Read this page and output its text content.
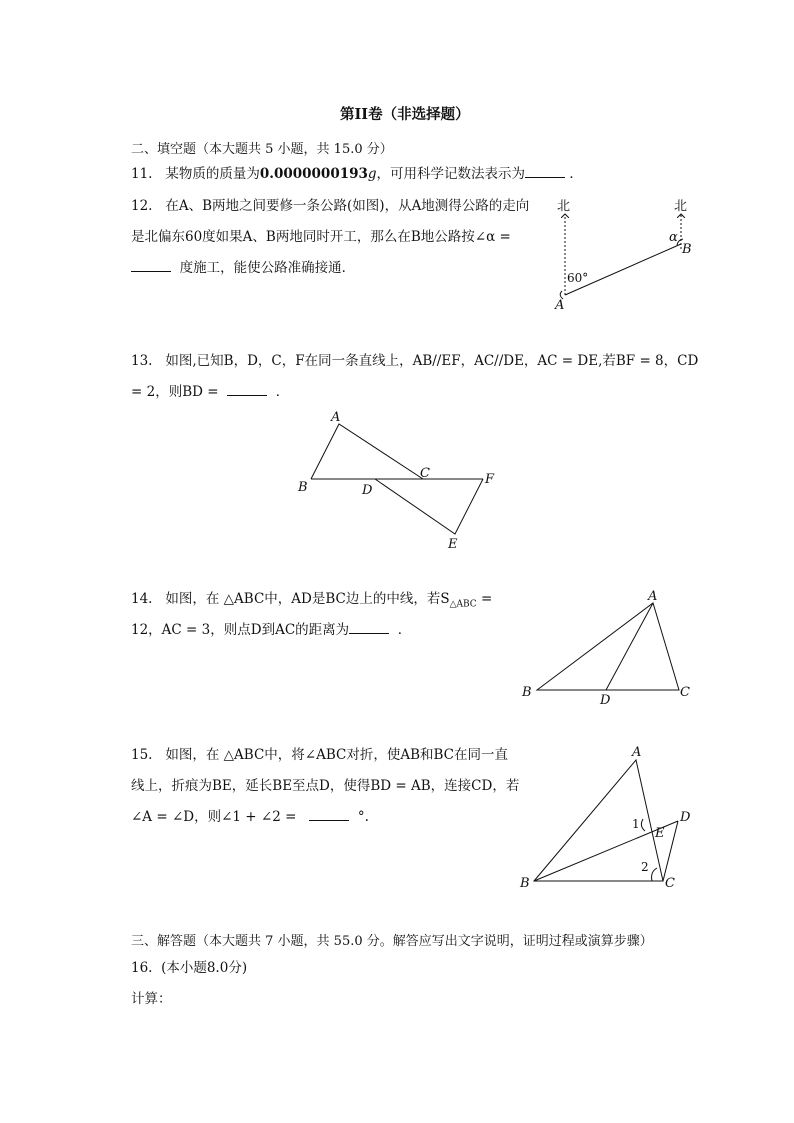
第II卷（非选择题）
二、填空题（本大题共 5 小题，共 15.0 分）
11. 某物质的质量为0.0000000193g，可用科学记数法表示为	．
12. 在A、B两地之间要修一条公路(如图)，从A地测得公路的走向
是北偏东60度如果A、B两地同时开工，那么在B地公路按∠α =
度施工，能使公路准确接通．
北	北
60°
α
A
B
13. 如图,已知B，D，C，F在同一条直线上，AB//EF，AC//DE，AC = DE,若BF = 8，CD
= 2，则BD =	．
A
B
C
D
E
F
14. 如图，在 △ABC中，AD是BC边上的中线，若$S_{\triangle ABC}$ =
12，AC = 3，则点D到AC的距离为	．
A
B	C
D
15. 如图，在 △ABC中，将∠ABC对折，使AB和BC在同一直
线上，折痕为BE，延长BE至点D，使得BD = AB，连接CD，若
∠A = ∠D，则∠1 + ∠2 =	°.
A
B	C
D
E
1
2
三、解答题（本大题共 7 小题，共 55.0 分。解答应写出文字说明，证明过程或演算步骤）
16. (本小题8.0分)
计算：
